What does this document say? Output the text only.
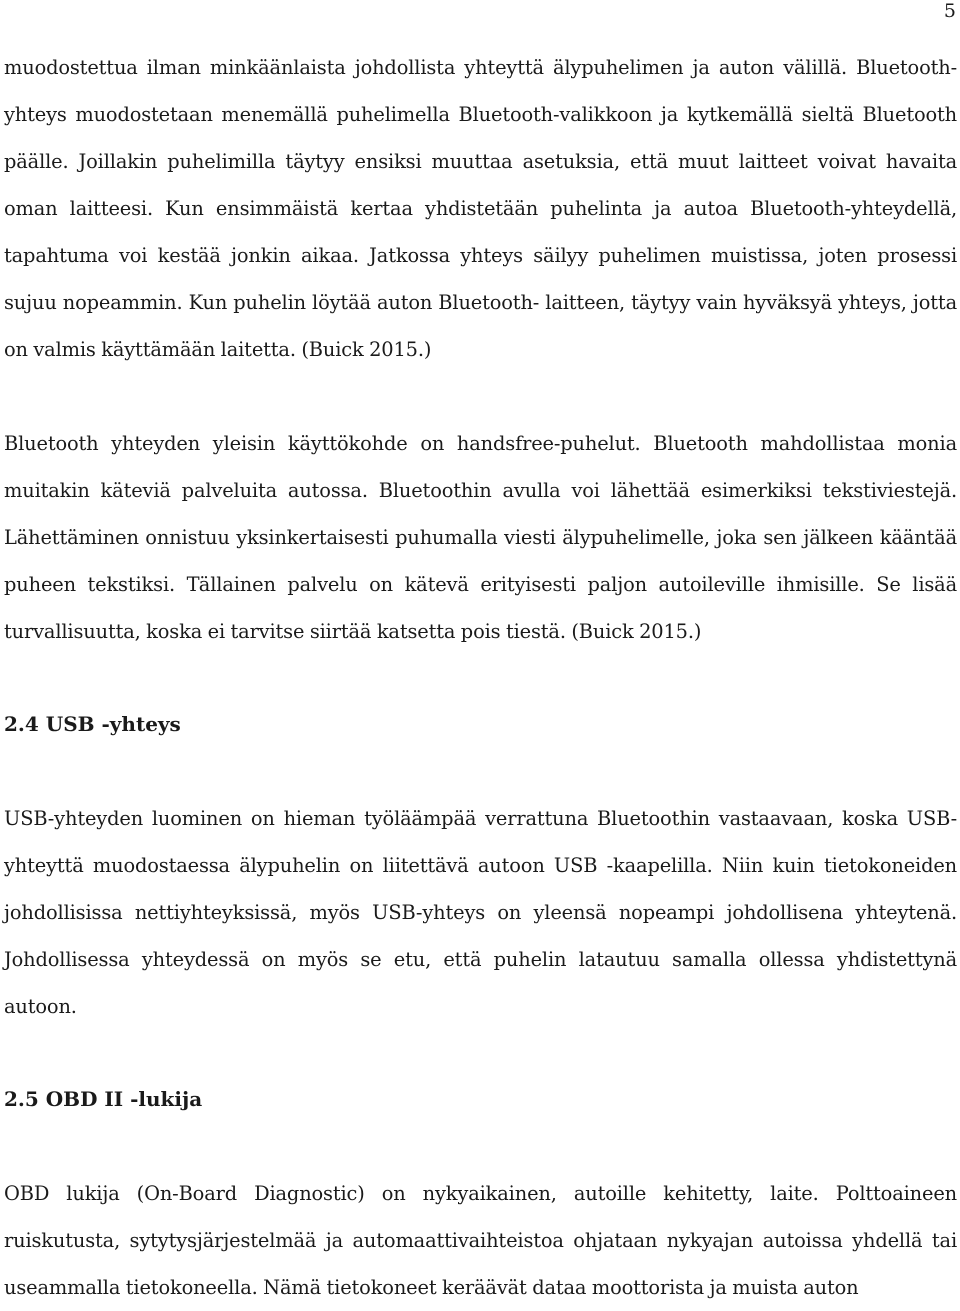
5

muodostettua ilman minkäänlaista johdollista yhteyttä älypuhelimen ja auton välillä. Bluetooth-yhteys muodostetaan menemällä puhelimella Bluetooth-valikkoon ja kytkemällä sieltä Bluetooth päälle. Joillakin puhelimilla täytyy ensiksi muuttaa asetuksia, että muut laitteet voivat havaita oman laitteesi. Kun ensimmäistä kertaa yhdistetään puhelinta ja autoa Bluetooth-yhteydellä, tapahtuma voi kestää jonkin aikaa. Jatkossa yhteys säilyy puhelimen muistissa, joten prosessi sujuu nopeammin. Kun puhelin löytää auton Bluetooth- laitteen, täytyy vain hyväksyä yhteys, jotta on valmis käyttämään laitetta. (Buick 2015.)

Bluetooth yhteyden yleisin käyttökohde on handsfree-puhelut. Bluetooth mahdollistaa monia muitakin käteviä palveluita autossa. Bluetoothin avulla voi lähettää esimerkiksi tekstiviestejä. Lähettäminen onnistuu yksinkertaisesti puhumalla viesti älypuhelimelle, joka sen jälkeen kääntää puheen tekstiksi. Tällainen palvelu on kätevä erityisesti paljon autoileville ihmisille. Se lisää turvallisuutta, koska ei tarvitse siirtää katsetta pois tiestä. (Buick 2015.)

2.4 USB -yhteys

USB-yhteyden luominen on hieman työläämpää verrattuna Bluetoothin vastaavaan, koska USB-yhteyttä muodostaessa älypuhelin on liitettävä autoon USB -kaapelilla. Niin kuin tietokoneiden johdollisissa nettiyhteyksissä, myös USB-yhteys on yleensä nopeampi johdollisena yhteytenä. Johdollisessa yhteydessä on myös se etu, että puhelin latautuu samalla ollessa yhdistettynä autoon.

2.5 OBD II -lukija

OBD lukija (On-Board Diagnostic) on nykyaikainen, autoille kehitetty, laite. Polttoaineen ruiskutusta, sytytysjärjestelmää ja automaattivaihteistoa ohjataan nykyajan autoissa yhdellä tai useammalla tietokoneella. Nämä tietokoneet keräävät dataa moottorista ja muista auton
